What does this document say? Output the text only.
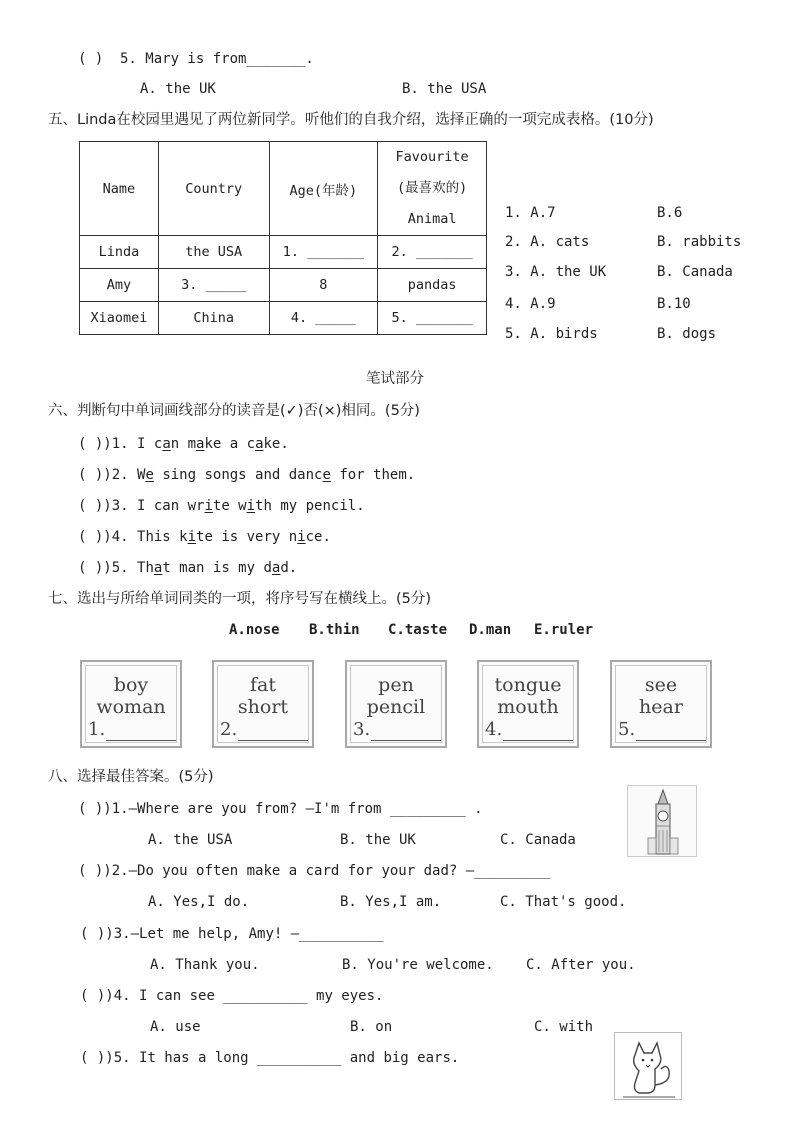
( ) 5. Mary is from_______.
A. the UK	B. the USA
五、Linda在校园里遇见了两位新同学。听他们的自我介绍，选择正确的一项完成表格。(10分)
Name	Country	Age(年龄)	Favourite
(最喜欢的)
Animal

Linda	the USA	1. _______	2. _______
Amy	3. _____	8	pandas
Xiaomei	China	4. _____	5. _______
1. A.7	B.6
2. A. cats	B. rabbits
3. A. the UK	B. Canada
4. A.9	B.10
5. A. birds	B. dogs
笔试部分
六、判断句中单词画线部分的读音是(✓)否(×)相同。(5分)
( ))1. I can make a cake.
( ))2. We sing songs and dance for them.
( ))3. I can write with my pencil.
( ))4. This kite is very nice.
( ))5. That man is my dad.
七、选出与所给单词同类的一项，将序号写在横线上。(5分)
A.nose B.thin C.taste D.man E.ruler
boy
woman
1.
fat
short
2.
pen
pencil
3.
tongue
mouth
4.
see
hear
5.
八、选择最佳答案。(5分)
( ))1.—Where are you from? —I'm from _________ .
A. the USA	B. the UK	C. Canada
( ))2.—Do you often make a card for your dad? —_________
A. Yes,I do.	B. Yes,I am.	C. That's good.
( ))3.—Let me help, Amy! —__________
A. Thank you.	B. You're welcome. C. After you.
( ))4. I can see __________ my eyes.
A. use	B. on	C. with
( ))5. It has a long __________ and big ears.
